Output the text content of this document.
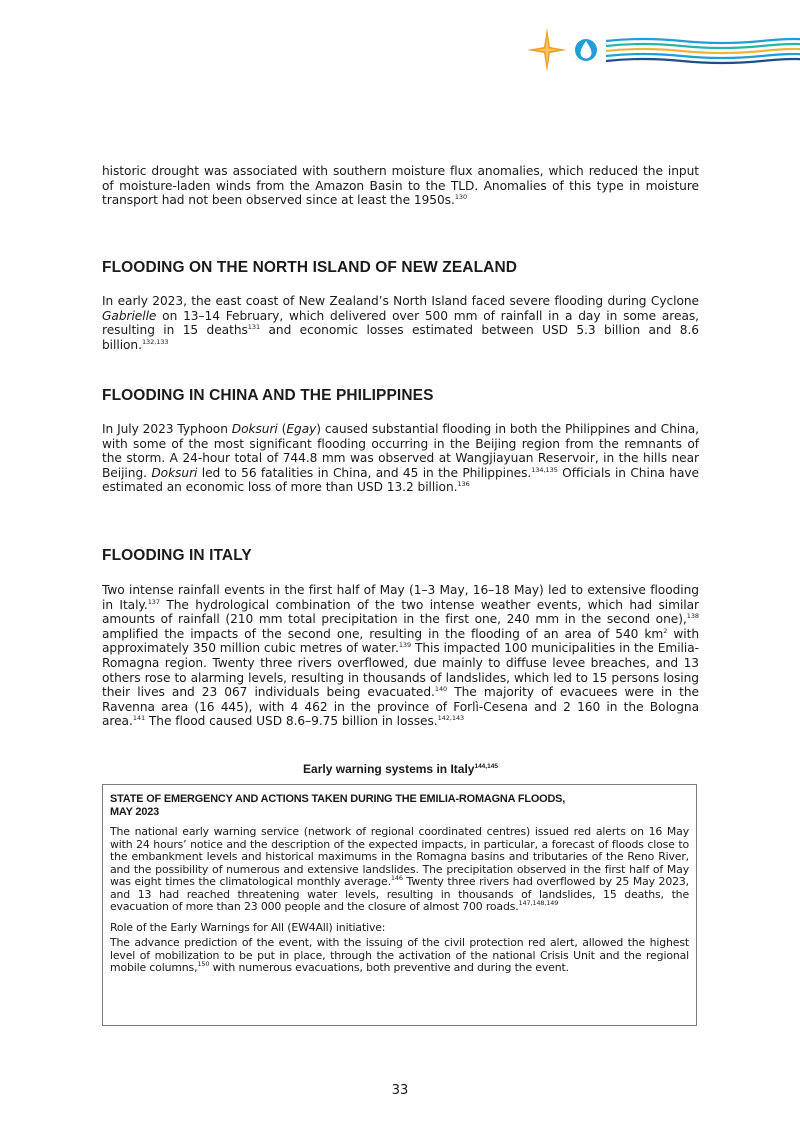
historic drought was associated with southern moisture flux anomalies, which reduced the input of moisture-laden winds from the Amazon Basin to the TLD. Anomalies of this type in moisture transport had not been observed since at least the 1950s.$^{130}$

FLOODING ON THE NORTH ISLAND OF NEW ZEALAND

In early 2023, the east coast of New Zealand’s North Island faced severe flooding during Cyclone Gabrielle on 13–14 February, which delivered over 500 mm of rainfall in a day in some areas, resulting in 15 deaths$^{131}$ and economic losses estimated between USD 5.3 billion and 8.6 billion.$^{132,133}$

FLOODING IN CHINA AND THE PHILIPPINES

In July 2023 Typhoon Doksuri (Egay) caused substantial flooding in both the Philippines and China, with some of the most significant flooding occurring in the Beijing region from the remnants of the storm. A 24-hour total of 744.8 mm was observed at Wangjiayuan Reservoir, in the hills near Beijing. Doksuri led to 56 fatalities in China, and 45 in the Philippines.$^{134,135}$ Officials in China have estimated an economic loss of more than USD 13.2 billion.$^{136}$

FLOODING IN ITALY

Two intense rainfall events in the first half of May (1–3 May, 16–18 May) led to extensive flooding in Italy.$^{137}$ The hydrological combination of the two intense weather events, which had similar amounts of rainfall (210 mm total precipitation in the first one, 240 mm in the second one),$^{138}$ amplified the impacts of the second one, resulting in the flooding of an area of 540 $km^2$ with approximately 350 million cubic metres of water.$^{139}$ This impacted 100 municipalities in the Emilia-Romagna region. Twenty three rivers overflowed, due mainly to diffuse levee breaches, and 13 others rose to alarming levels, resulting in thousands of landslides, which led to 15 persons losing their lives and 23 067 individuals being evacuated.$^{140}$ The majority of evacuees were in the Ravenna area (16 445), with 4 462 in the province of Forlì-Cesena and 2 160 in the Bologna area.$^{141}$ The flood caused USD 8.6–9.75 billion in losses.$^{142,143}$

Early warning systems in Italy$^{144,145}$

STATE OF EMERGENCY AND ACTIONS TAKEN DURING THE EMILIA-ROMAGNA FLOODS,
MAY 2023

The national early warning service (network of regional coordinated centres) issued red alerts on 16 May with 24 hours’ notice and the description of the expected impacts, in particular, a forecast of floods close to the embankment levels and historical maximums in the Romagna basins and tributaries of the Reno River, and the possibility of numerous and extensive landslides. The precipitation observed in the first half of May was eight times the climatological monthly average.$^{146}$ Twenty three rivers had overflowed by 25 May 2023, and 13 had reached threatening water levels, resulting in thousands of landslides, 15 deaths, the evacuation of more than 23 000 people and the closure of almost 700 roads.$^{147,148,149}$

Role of the Early Warnings for All (EW4All) initiative:

The advance prediction of the event, with the issuing of the civil protection red alert, allowed the highest level of mobilization to be put in place, through the activation of the national Crisis Unit and the regional mobile columns,$^{150}$ with numerous evacuations, both preventive and during the event.

33
